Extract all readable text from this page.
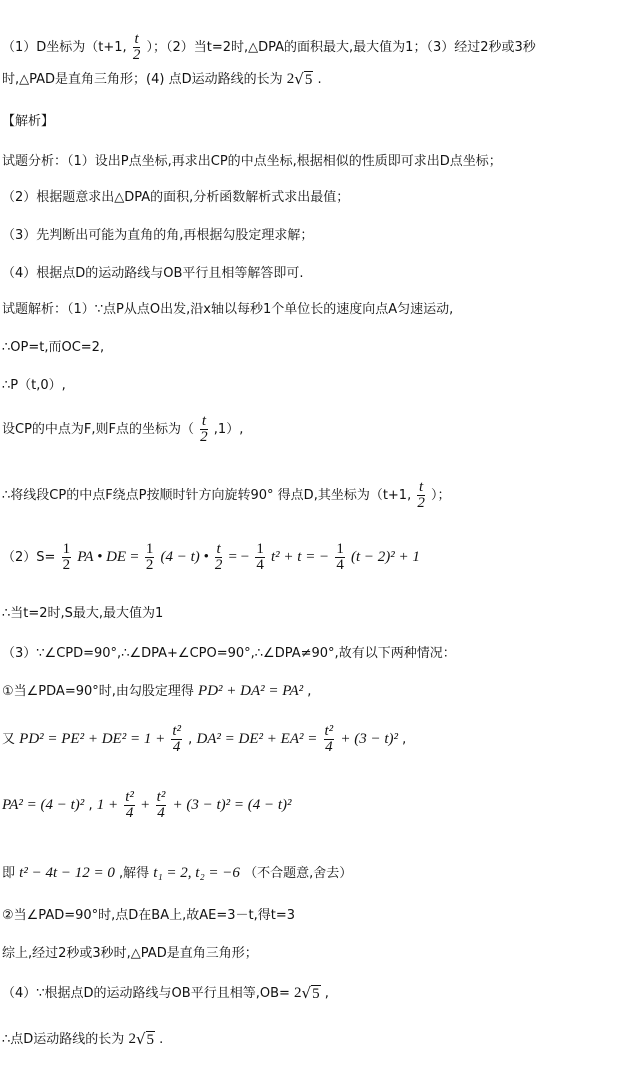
（1）D坐标为（t+1, $\frac{t}{2}$ ）；（2）当t=2时,△DPA的面积最大,最大值为1；（3）经过2秒或3秒
时,△PAD是直角三角形；(4) 点D运动路线的长为 2√5 .
【解析】
试题分析：（1）设出P点坐标,再求出CP的中点坐标,根据相似的性质即可求出D点坐标；
（2）根据题意求出△DPA的面积,分析函数解析式求出最值；
（3）先判断出可能为直角的角,再根据勾股定理求解；
（4）根据点D的运动路线与OB平行且相等解答即可.
试题解析：（1）∵点P从点O出发,沿x轴以每秒1个单位长的速度向点A匀速运动,
∴OP=t,而OC=2,
∴P（t,0）,
设CP的中点为F,则F点的坐标为（ $\frac{t}{2} ,1$）,
∴将线段CP的中点F绕点P按顺时针方向旋转90° 得点D,其坐标为（t+1, $\frac{t}{2}$ ）；
$(2)S= \frac{1}{2}$ PA • DE = $\frac{1}{2} (4 - t)$ • $\frac{t}{2}$ = − $\frac{1}{4} t^2 + t$ = − $\frac{1}{4} (t - 2)^2 + 1$
∴当t=2时,S最大,最大值为1
（3）∵∠CPD=90°,∴∠DPA+∠CPO=90°,∴∠DPA≠90°,故有以下两种情况：
①当∠PDA=90°时,由勾股定理得 PD² + DA² = PA² ,
又 $PD^2 = PE^2 + DE^2 = 1 + \frac{\text{t²}}{4}$ , $DA^2 = DE^2 + EA^2 = \frac{\text{t²}}{4} + (3 - t)^2$ ,
PA² = (4 − t)² , $1 + \frac{\text{t²}}{4} + \frac{\text{t²}}{4} + (3 - t)^2 = (4 - t)^2$
即 t² − 4t − 12 = 0 ,解得 t₁ = 2, t₂ = −6 （不合题意,舍去）
②当∠PAD=90°时,点D在BA上,故AE=3－t,得t=3
综上,经过2秒或3秒时,△PAD是直角三角形；
（4）∵根据点D的运动路线与OB平行且相等,OB= 2√5 ,
∴点D运动路线的长为 2√5 .
